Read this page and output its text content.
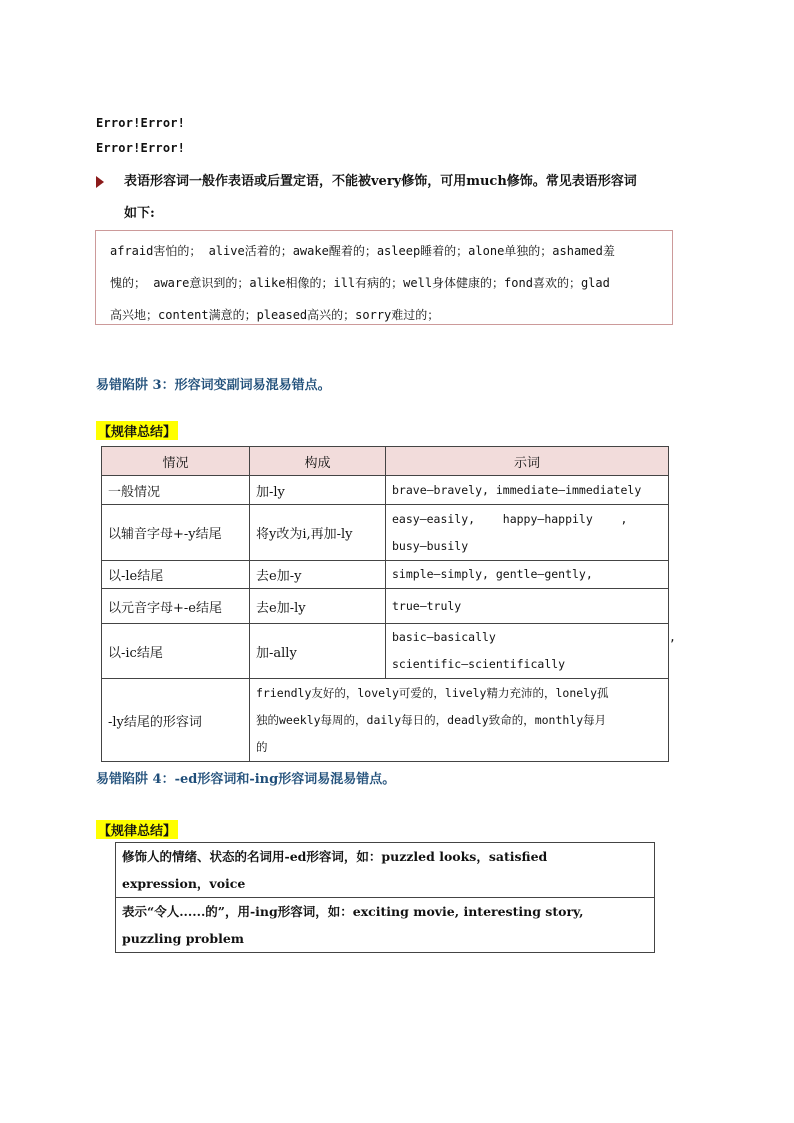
Error!Error!
Error!Error!
表语形容词一般作表语或后置定语，不能被very修饰，可用much修饰。常见表语形容词
如下:
afraid害怕的； alive活着的；awake醒着的；asleep睡着的；alone单独的；ashamed羞
愧的； aware意识到的；alike相像的；ill有病的；well身体健康的；fond喜欢的；glad
高兴地；content满意的；pleased高兴的；sorry难过的；
易错陷阱 3：形容词变副词易混易错点。
【规律总结】
情况	构成	示词
一般情况	加-ly	brave—bravely, immediate—immediately

以辅音字母+-y结尾	将y改为i,再加-ly	easy—easily,    happy—happily    ,
busy—busily

以-le结尾	去e加-y	simple—simply, gentle—gently,

以元音字母+-e结尾	去e加-ly	true—truly

以-ic结尾	加-ally	basic—basically                         ,
scientific—scientifically

-ly结尾的形容词	friendly友好的，lovely可爱的，lively精力充沛的，lonely孤
独的weekly每周的，daily每日的，deadly致命的，monthly每月
的	
易错陷阱 4：-ed形容词和-ing形容词易混易错点。
【规律总结】
修饰人的情绪、状态的名词用-ed形容词，如：puzzled looks，satisfied
expression，voice

表示“令人......的”，用-ing形容词，如：exciting movie, interesting story,
puzzling problem
